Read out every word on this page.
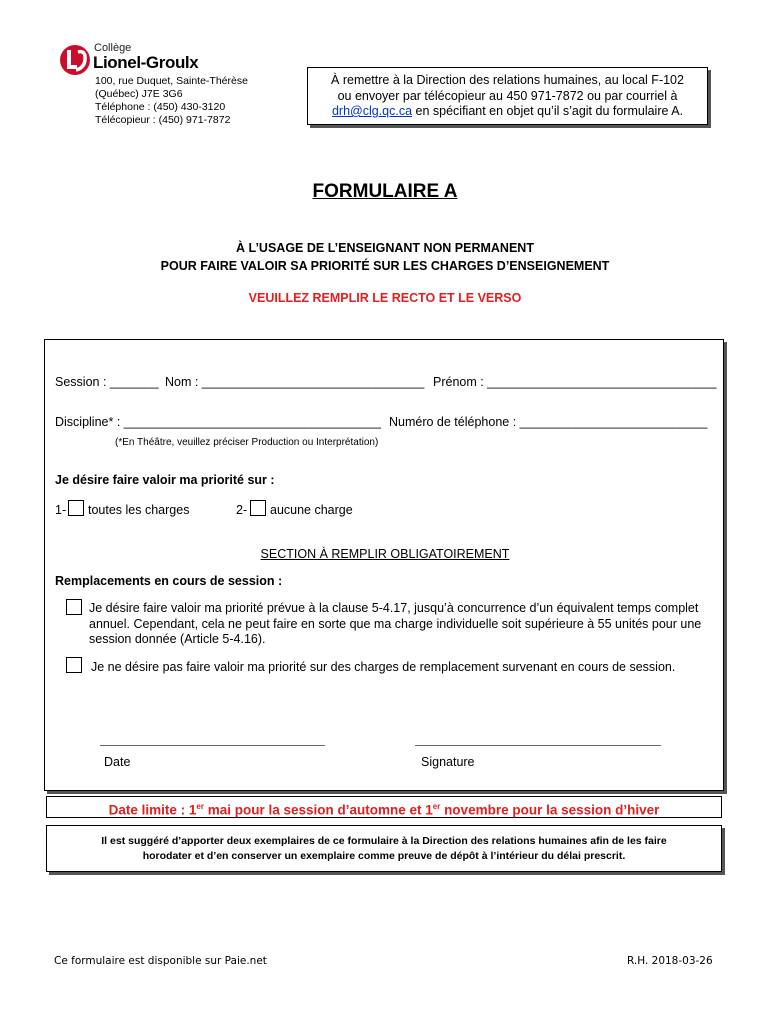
Collège
Lionel-Groulx
100, rue Duquet, Sainte-Thérèse
(Québec) J7E 3G6
Téléphone : (450) 430-3120
Télécopieur : (450) 971-7872
À remettre à la Direction des relations humaines, au local F-102
ou envoyer par télécopieur au 450 971-7872 ou par courriel à
drh@clg.qc.ca en spécifiant en objet qu’il s’agit du formulaire A.
FORMULAIRE A
À L’USAGE DE L’ENSEIGNANT NON PERMANENT
POUR FAIRE VALOIR SA PRIORITÉ SUR LES CHARGES D’ENSEIGNEMENT
VEUILLEZ REMPLIR LE RECTO ET LE VERSO
Session : _______ Nom : ________________________________ Prénom : _________________________________
Discipline* : _____________________________________ Numéro de téléphone : ___________________________
(*En Théâtre, veuillez préciser Production ou Interprétation)
Je désire faire valoir ma priorité sur :
1- toutes les charges	2- aucune charge
SECTION À REMPLIR OBLIGATOIREMENT
Remplacements en cours de session :
Je désire faire valoir ma priorité prévue à la clause 5-4.17, jusqu’à concurrence d’un équivalent temps complet
annuel. Cependant, cela ne peut faire en sorte que ma charge individuelle soit supérieure à 55 unités pour une
session donnée (Article 5-4.16).
Je ne désire pas faire valoir ma priorité sur des charges de remplacement survenant en cours de session.
Date	Signature
Date limite : 1er mai pour la session d’automne et 1er novembre pour la session d’hiver
Il est suggéré d’apporter deux exemplaires de ce formulaire à la Direction des relations humaines afin de les faire
horodater et d’en conserver un exemplaire comme preuve de dépôt à l’intérieur du délai prescrit.
Ce formulaire est disponible sur Paie.net	R.H. 2018-03-26
